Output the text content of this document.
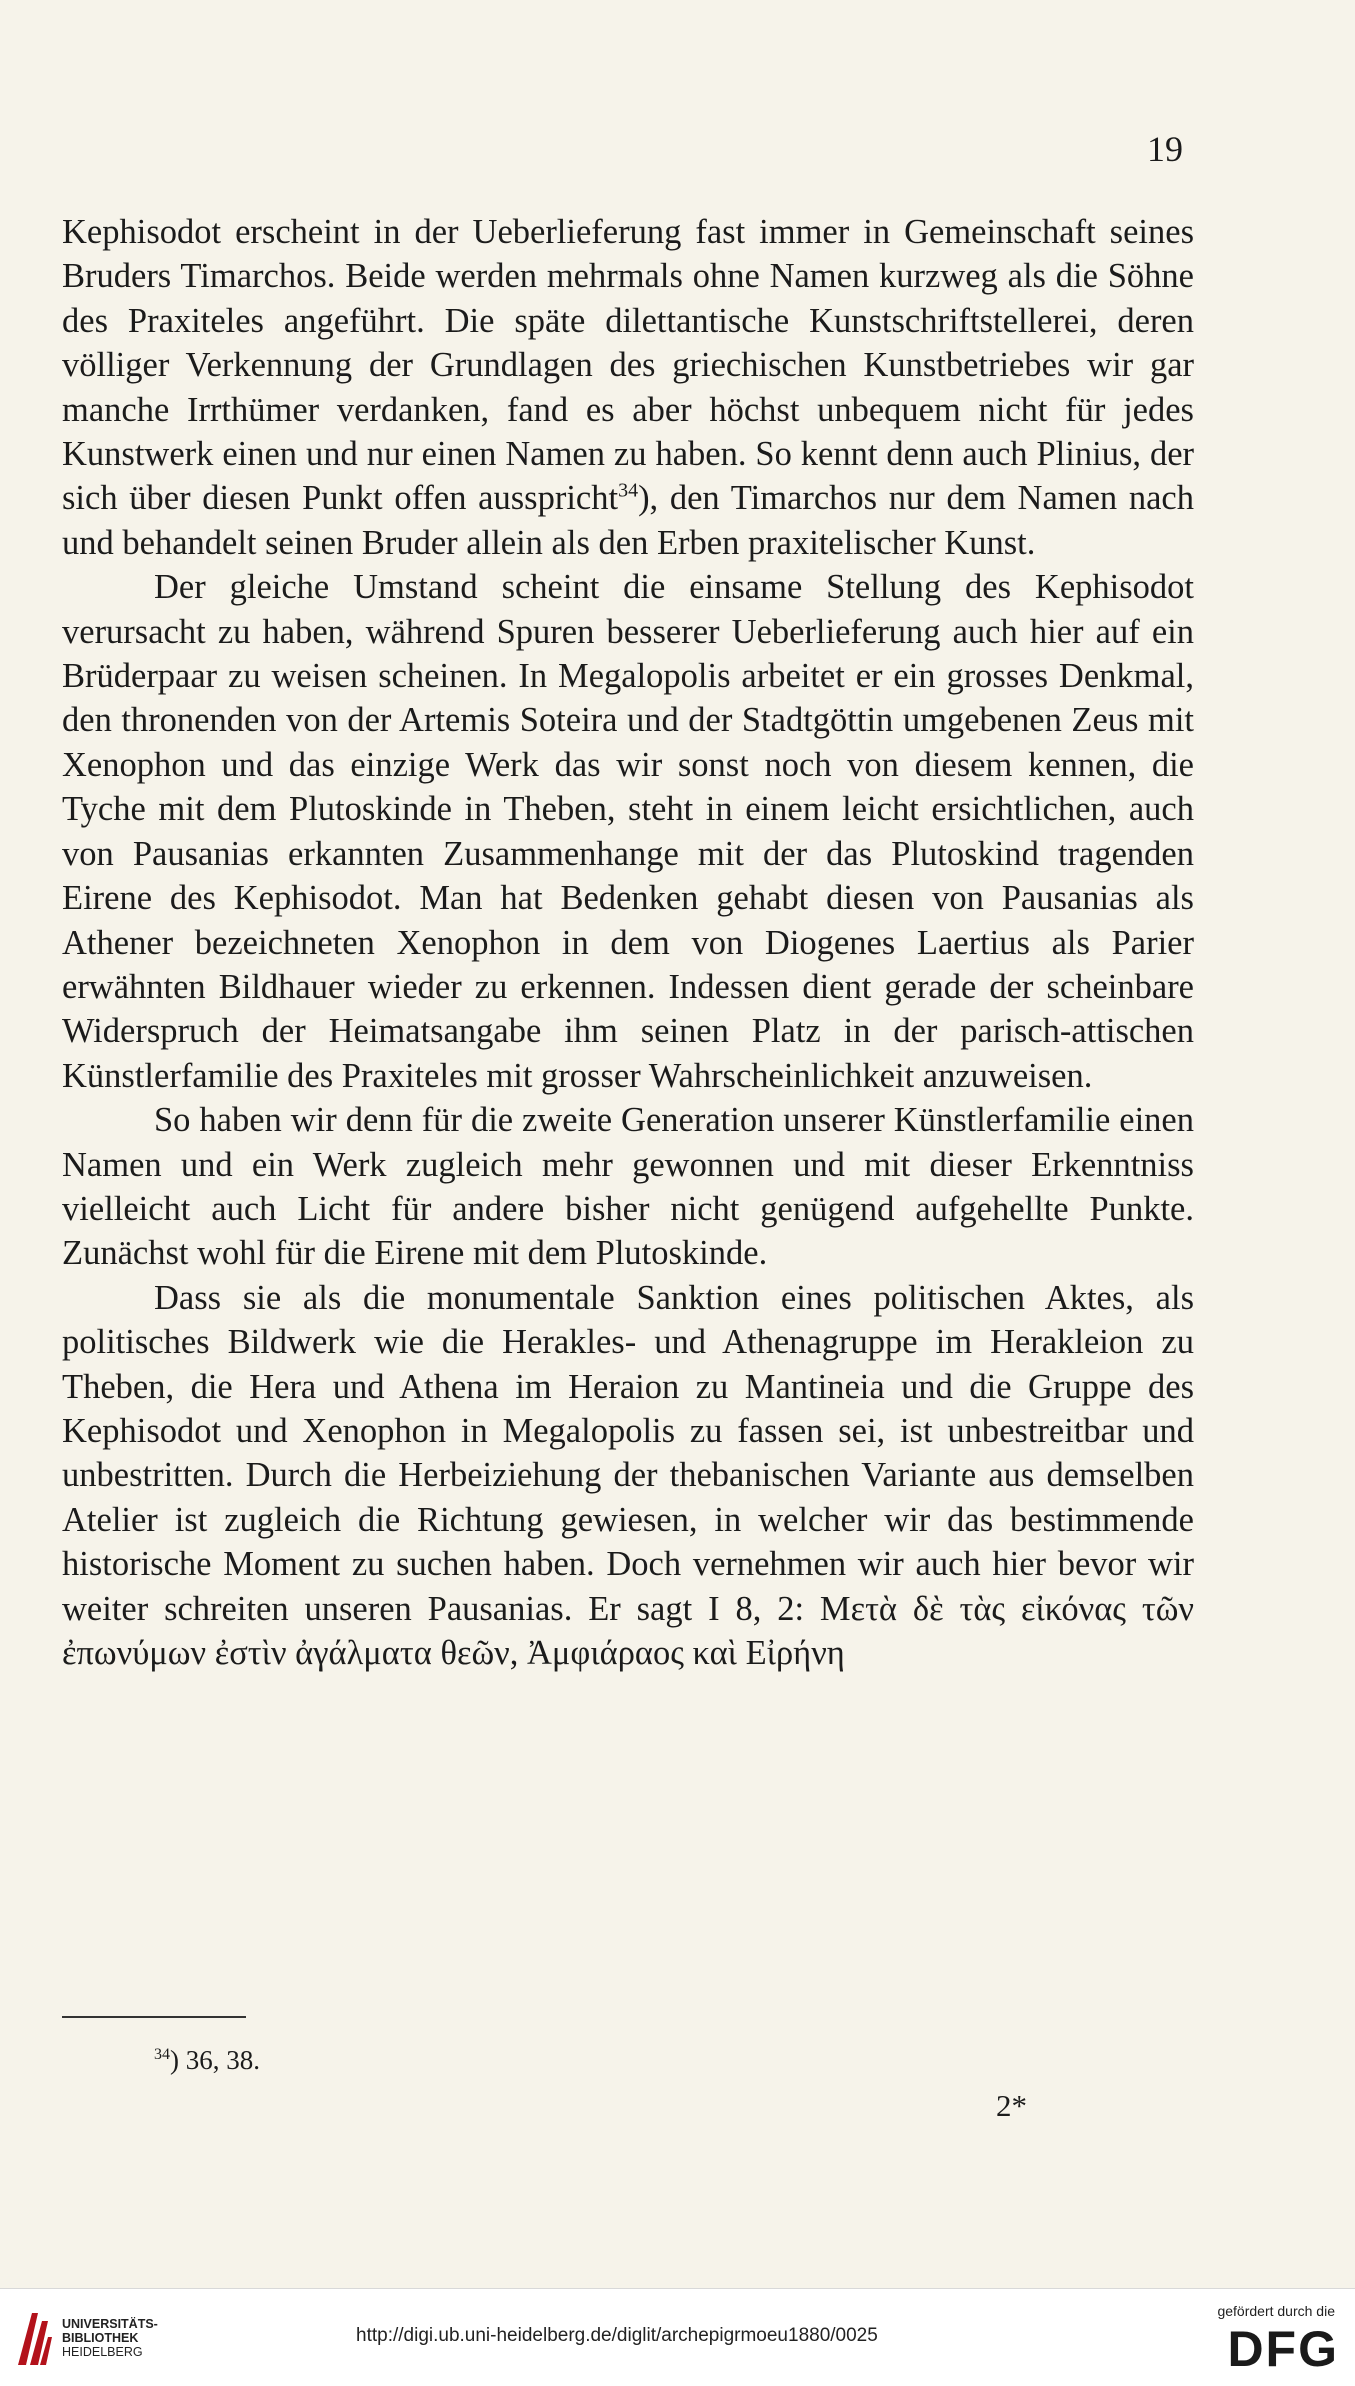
19

Kephisodot erscheint in der Ueberlieferung fast immer in Gemeinschaft seines Bruders Timarchos. Beide werden mehrmals ohne Namen kurzweg als die Söhne des Praxiteles angeführt. Die späte dilettantische Kunstschriftstellerei, deren völliger Verkennung der Grundlagen des griechischen Kunstbetriebes wir gar manche Irrthümer verdanken, fand es aber höchst unbequem nicht für jedes Kunstwerk einen und nur einen Namen zu haben. So kennt denn auch Plinius, der sich über diesen Punkt offen ausspricht$^{34}$), den Timarchos nur dem Namen nach und behandelt seinen Bruder allein als den Erben praxitelischer Kunst.

Der gleiche Umstand scheint die einsame Stellung des Kephisodot verursacht zu haben, während Spuren besserer Ueberlieferung auch hier auf ein Brüderpaar zu weisen scheinen. In Megalopolis arbeitet er ein grosses Denkmal, den thronenden von der Artemis Soteira und der Stadtgöttin umgebenen Zeus mit Xenophon und das einzige Werk das wir sonst noch von diesem kennen, die Tyche mit dem Plutoskinde in Theben, steht in einem leicht ersichtlichen, auch von Pausanias erkannten Zusammenhange mit der das Plutoskind tragenden Eirene des Kephisodot. Man hat Bedenken gehabt diesen von Pausanias als Athener bezeichneten Xenophon in dem von Diogenes Laertius als Parier erwähnten Bildhauer wieder zu erkennen. Indessen dient gerade der scheinbare Widerspruch der Heimatsangabe ihm seinen Platz in der parisch-attischen Künstlerfamilie des Praxiteles mit grosser Wahrscheinlichkeit anzuweisen.

So haben wir denn für die zweite Generation unserer Künstlerfamilie einen Namen und ein Werk zugleich mehr gewonnen und mit dieser Erkenntniss vielleicht auch Licht für andere bisher nicht genügend aufgehellte Punkte. Zunächst wohl für die Eirene mit dem Plutoskinde.

Dass sie als die monumentale Sanktion eines politischen Aktes, als politisches Bildwerk wie die Herakles- und Athenagruppe im Herakleion zu Theben, die Hera und Athena im Heraion zu Mantineia und die Gruppe des Kephisodot und Xenophon in Megalopolis zu fassen sei, ist unbestreitbar und unbestritten. Durch die Herbeiziehung der thebanischen Variante aus demselben Atelier ist zugleich die Richtung gewiesen, in welcher wir das bestimmende historische Moment zu suchen haben. Doch vernehmen wir auch hier bevor wir weiter schreiten unseren Pausanias. Er sagt I 8, 2: Μετὰ δὲ τὰς εἰκόνας τῶν ἐπωνύμων ἐστὶν ἀγάλματα θεῶν, Ἀμφιάραος καὶ Εἰρήνη

$^{34}$) 36, 38.
2*
UNIVERSITÄTS-
BIBLIOTHEK
HEIDELBERG
http://digi.ub.uni-heidelberg.de/diglit/archepigrmoeu1880/0025
gefördert durch die
DFG
